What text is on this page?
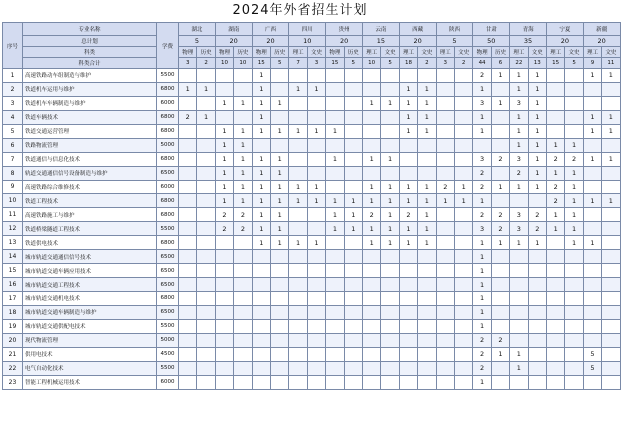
2024年外省招生计划
序号	专业名称	学费	湖北		湖南		广西		四川		贵州		云南		西藏		陕西		甘肃		青海		宁夏		新疆	
	总计划		5		20		20		10		20		15		20		5		50		35		20		20	
	科类		物理	历史	物理	历史	物理	历史	理工	文史	物理	历史	理工	文史	理工	文史	理工	文史	物理	历史	理工	文史	理工	文史	理工	文史
	科类合计		3	2	10	10	15	5	7	3	15	5	10	5	18	2	3	2	44	6	22	13	15	5	9	11
1	高速铁路动车组制造与维护	5500					1												2	1	1	1			1	1
2	铁道机车运用与维护	6800	1	1			1		1	1					1	1			1		1	1				
3	铁道机车车辆制造与维护	6000			1	1	1	1					1	1	1	1			3	1	3	1				
4	铁道车辆技术	6800	2	1			1								1	1			1		1	1			1	1
5	铁道交通运营管理	6800			1	1	1	1	1	1	1				1	1			1		1	1			1	1
6	铁路物流管理	5000			1	1															1	1	1	1		
7	铁道通信与信息化技术	6800			1	1	1	1			1		1	1					3	2	3	1	2	2	1	1
8	轨道交通通信信号设备制造与维护	6500			1	1	1	1											2		2	1	1	1		
9	高速铁路综合维修技术	6000			1	1	1	1	1	1			1	1	1	1	2	1	2	1	1	1	2	1		
10	铁道工程技术	6800			1	1	1	1	1	1	1	1	1	1	1	1	1	1	1				2	1	1	1
11	高速铁路施工与维护	6800			2	2	1	1			1	1	2	1	2	1			2	2	3	2	1	1		
12	铁道桥梁隧道工程技术	5500			2	2	1	1			1	1	1	1	1	1			3	2	3	2	1	1		
13	铁道供电技术	6800					1	1	1	1			1	1	1	1			1	1	1	1		1	1	
14	城市轨道交通通信信号技术	6500																	1							
15	城市轨道交通车辆应用技术	6500																	1							
16	城市轨道交通工程技术	6500																	1							
17	城市轨道交通机电技术	6800																	1							
18	城市轨道交通车辆制造与维护	6500																	1							
19	城市轨道交通供配电技术	5500																	1							
20	现代物流管理	5000																	2	2						
21	供用电技术	4500																	2	1	1				5	
22	电气自动化技术	5500																	2		1				5	
23	智能工程机械运用技术	6000																	1							
